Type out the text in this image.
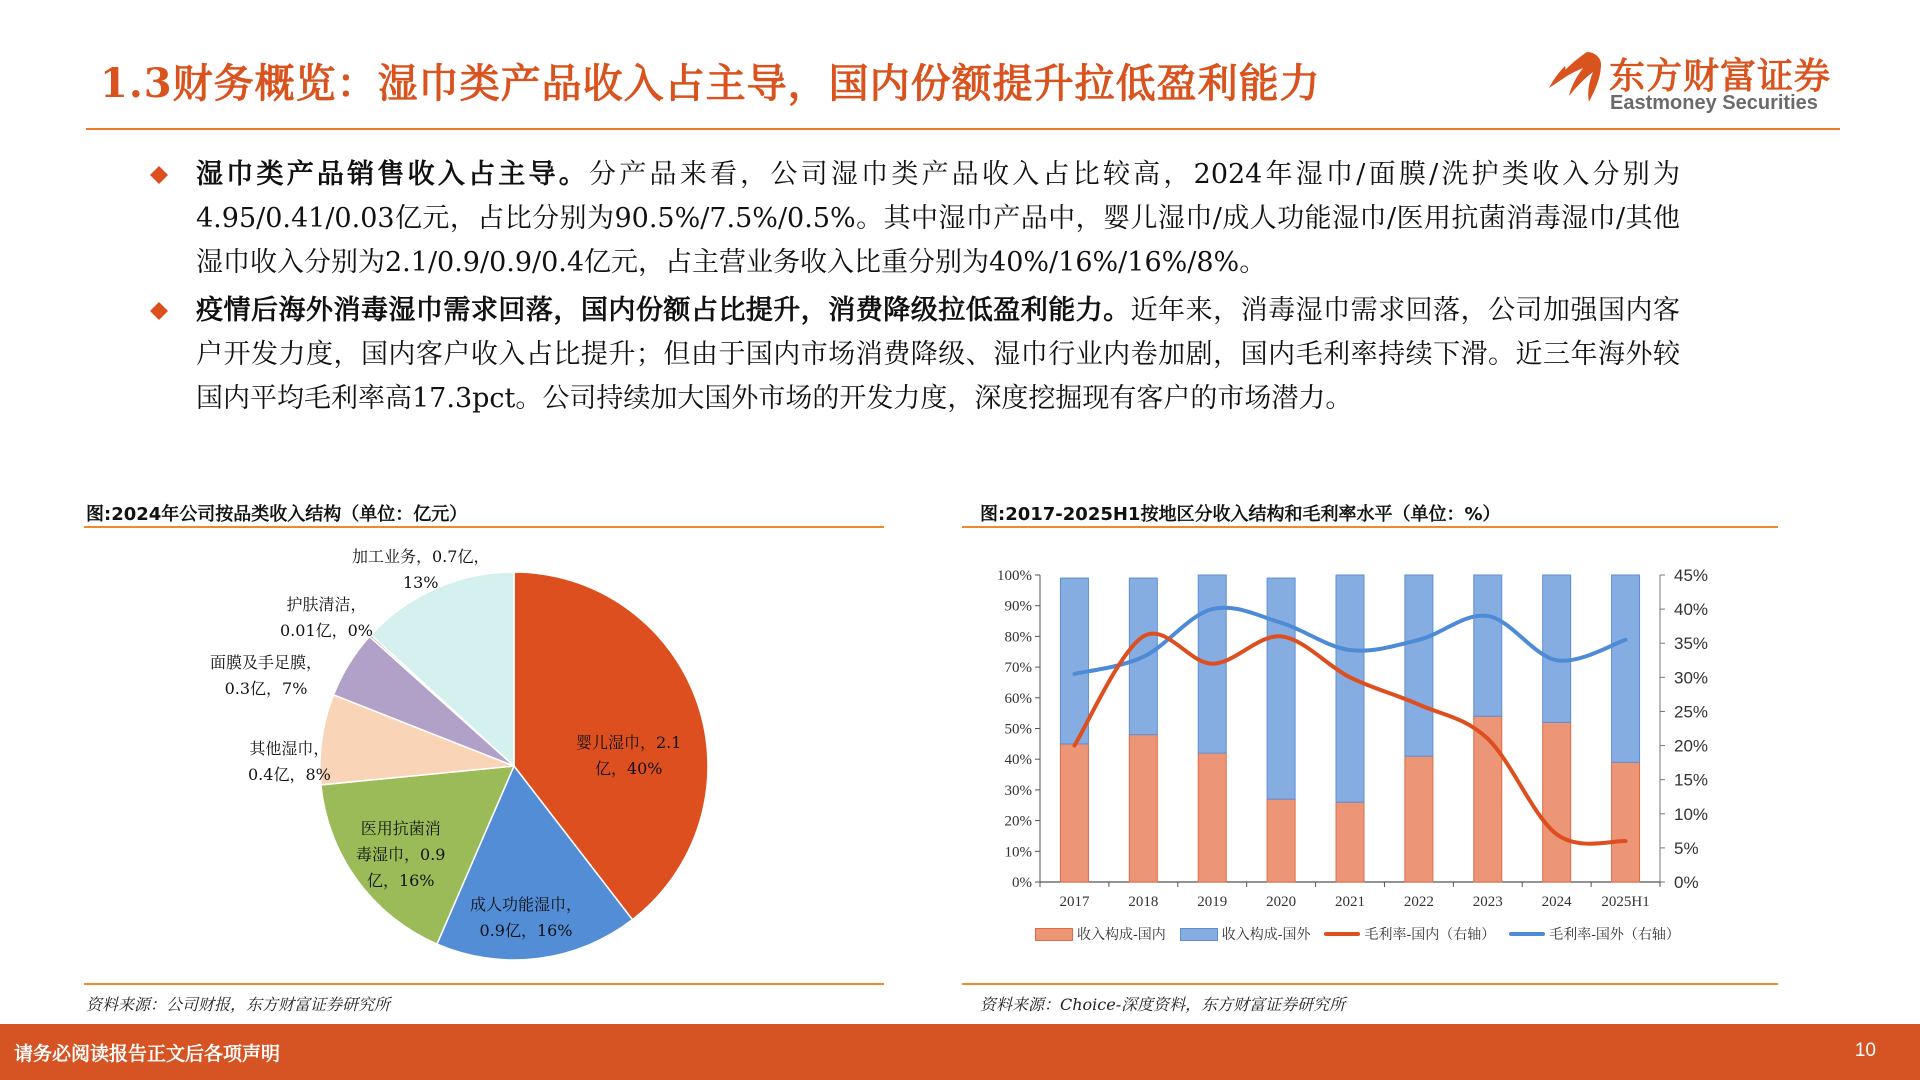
1.3财务概览：湿巾类产品收入占主导，国内份额提升拉低盈利能力	东方财富证券
Eastmoney Securities
湿巾类产品销售收入占主导。分产品来看，公司湿巾类产品收入占比较高，2024年湿巾/面膜/洗护类收入分别为4.95/0.41/0.03亿元，占比分别为90.5%/7.5%/0.5%。其中湿巾产品中，婴儿湿巾/成人功能湿巾/医用抗菌消毒湿巾/其他湿巾收入分别为2.1/0.9/0.9/0.4亿元，占主营业务收入比重分别为40%/16%/16%/8%。
疫情后海外消毒湿巾需求回落，国内份额占比提升，消费降级拉低盈利能力。近年来，消毒湿巾需求回落，公司加强国内客户开发力度，国内客户收入占比提升；但由于国内市场消费降级、湿巾行业内卷加剧，国内毛利率持续下滑。近三年海外较国内平均毛利率高17.3pct。公司持续加大国外市场的开发力度，深度挖掘现有客户的市场潜力。
图:2024年公司按品类收入结构（单位：亿元）
加工业务，0.7亿，
13%
护肤清洁，
0.01亿，0%
面膜及手足膜，
0.3亿，7%
其他湿巾，
0.4亿，8%
医用抗菌消
毒湿巾，0.9
亿，16%
成人功能湿巾，
0.9亿，16%
婴儿湿巾，2.1
亿，40%
资料来源：公司财报，东方财富证券研究所
图:2017-2025H1按地区分收入结构和毛利率水平（单位：%）
0%
10%
20%
30%
40%
50%
60%
70%
80%
90%
100%
0%
5%
10%
15%
20%
25%
30%
35%
40%
45%
2017	2018	2019	2020	2021	2022	2023	2024 2025H1
收入构成-国内	收入构成-国外	毛利率-国内（右轴）	毛利率-国外（右轴）
资料来源：Choice-深度资料，东方财富证券研究所
请务必阅读报告正文后各项声明	10
